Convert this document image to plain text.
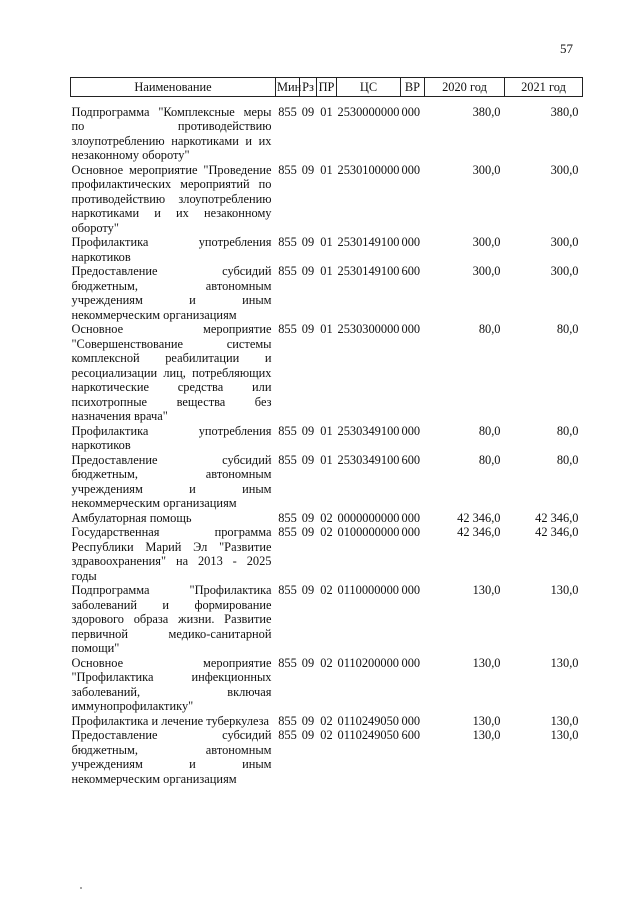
57
Наименование	Мин	Рз	ПР	ЦС	ВР	2020 год	2021 год
Подпрограмма "Комплексные меры по противодействию злоупотреблению наркотиками и их незаконному обороту"	855	09	01	2530000000	000	380,0	380,0
Основное мероприятие "Проведение профилактических мероприятий по противодействию злоупотреблению наркотиками и их незаконному обороту"	855	09	01	2530100000	000	300,0	300,0
Профилактика употребления наркотиков	855	09	01	2530149100	000	300,0	300,0
Предоставление субсидий бюджетным, автономным учреждениям и иным некоммерческим организациям	855	09	01	2530149100	600	300,0	300,0
Основное мероприятие "Совершенствование системы комплексной реабилитации и ресоциализации лиц, потребляющих наркотические средства или психотропные вещества без назначения врача"	855	09	01	2530300000	000	80,0	80,0
Профилактика употребления наркотиков	855	09	01	2530349100	000	80,0	80,0
Предоставление субсидий бюджетным, автономным учреждениям и иным некоммерческим организациям	855	09	01	2530349100	600	80,0	80,0
Амбулаторная помощь	855	09	02	0000000000	000	42 346,0	42 346,0
Государственная программа Республики Марий Эл "Развитие здравоохранения" на 2013 - 2025 годы	855	09	02	0100000000	000	42 346,0	42 346,0
Подпрограмма "Профилактика заболеваний и формирование здорового образа жизни. Развитие первичной медико-санитарной помощи"	855	09	02	0110000000	000	130,0	130,0
Основное мероприятие "Профилактика инфекционных заболеваний, включая иммунопрофилактику"	855	09	02	0110200000	000	130,0	130,0
Профилактика и лечение туберкулеза	855	09	02	0110249050	000	130,0	130,0
Предоставление субсидий бюджетным, автономным учреждениям и иным некоммерческим организациям	855	09	02	0110249050	600	130,0	130,0
